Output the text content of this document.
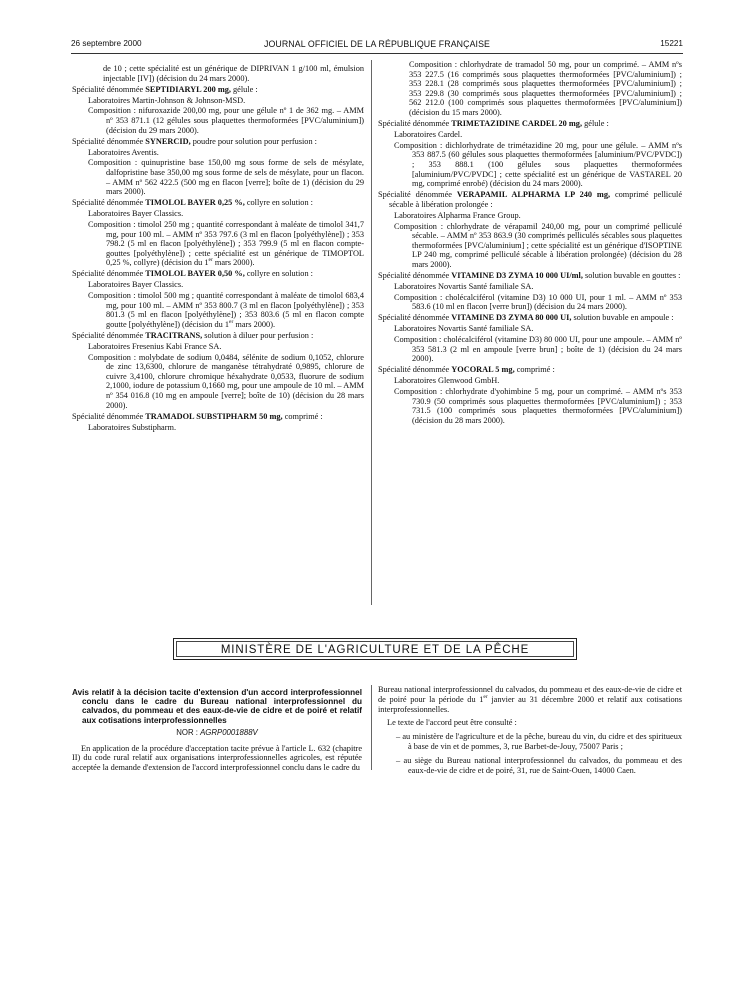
26 septembre 2000	JOURNAL OFFICIEL DE LA RÉPUBLIQUE FRANÇAISE	15221

de 10 ; cette spécialité est un générique de DIPRIVAN 1 g/100 ml, émulsion injectable [IV]) (décision du 24 mars 2000).

Spécialité dénommée SEPTIDIARYL 200 mg, gélule :

Laboratoires Martin-Johnson & Johnson-MSD.

Composition : nifuroxazide 200,00 mg, pour une gélule nº 1 de 362 mg. – AMM nº 353 871.1 (12 gélules sous plaquettes thermoformées [PVC/aluminium]) (décision du 29 mars 2000).

Spécialité dénommée SYNERCID, poudre pour solution pour perfusion :

Laboratoires Aventis.

Composition : quinupristine base 150,00 mg sous forme de sels de mésylate, dalfopristine base 350,00 mg sous forme de sels de mésylate, pour un flacon. – AMM nº 562 422.5 (500 mg en flacon [verre]; boîte de 1) (décision du 29 mars 2000).

Spécialité dénommée TIMOLOL BAYER 0,25 %, collyre en solution :

Laboratoires Bayer Classics.

Composition : timolol 250 mg ; quantité correspondant à maléate de timolol 341,7 mg, pour 100 ml. – AMM nº 353 797.6 (3 ml en flacon [polyéthylène]) ; 353 798.2 (5 ml en flacon [polyéthylène]) ; 353 799.9 (5 ml en flacon compte-gouttes [polyéthylène]) ; cette spécialité est un générique de TIMOPTOL 0,25 %, collyre) (décision du 1er mars 2000).

Spécialité dénommée TIMOLOL BAYER 0,50 %, collyre en solution :

Laboratoires Bayer Classics.

Composition : timolol 500 mg ; quantité correspondant à maléate de timolol 683,4 mg, pour 100 ml. – AMM nº 353 800.7 (3 ml en flacon [polyéthylène]) ; 353 801.3 (5 ml en flacon [polyéthylène]) ; 353 803.6 (5 ml en flacon compte goutte [polyéthylène]) (décision du 1er mars 2000).

Spécialité dénommée TRACITRANS, solution à diluer pour perfusion :

Laboratoires Fresenius Kabi France SA.

Composition : molybdate de sodium 0,0484, sélénite de sodium 0,1052, chlorure de zinc 13,6300, chlorure de manganèse tétrahydraté 0,9895, chlorure de cuivre 3,4100, chlorure chromique héxahydrate 0,0533, fluorure de sodium 2,1000, iodure de potassium 0,1660 mg, pour une ampoule de 10 ml. – AMM nº 354 016.8 (10 mg en ampoule [verre]; boîte de 10) (décision du 28 mars 2000).

Spécialité dénommée TRAMADOL SUBSTIPHARM 50 mg, comprimé :

Laboratoires Substipharm.

Composition : chlorhydrate de tramadol 50 mg, pour un comprimé. – AMM nºs 353 227.5 (16 comprimés sous plaquettes thermoformées [PVC/aluminium]) ; 353 228.1 (28 comprimés sous plaquettes thermoformées [PVC/aluminium]) ; 353 229.8 (30 comprimés sous plaquettes thermoformées [PVC/aluminium]) ; 562 212.0 (100 comprimés sous plaquettes thermoformées [PVC/aluminium]) (décision du 15 mars 2000).

Spécialité dénommée TRIMETAZIDINE CARDEL 20 mg, gélule :

Laboratoires Cardel.

Composition : dichlorhydrate de trimétazidine 20 mg, pour une gélule. – AMM nºs 353 887.5 (60 gélules sous plaquettes thermoformées [aluminium/PVC/PVDC]) ; 353 888.1 (100 gélules sous plaquettes thermoformées [aluminium/PVC/PVDC] ; cette spécialité est un générique de VASTAREL 20 mg, comprimé enrobé) (décision du 24 mars 2000).

Spécialité dénommée VERAPAMIL ALPHARMA LP 240 mg, comprimé pelliculé sécable à libération prolongée :

Laboratoires Alpharma France Group.

Composition : chlorhydrate de vérapamil 240,00 mg, pour un comprimé pelliculé sécable. – AMM nº 353 863.9 (30 comprimés pelliculés sécables sous plaquettes thermoformées [PVC/aluminium] ; cette spécialité est un générique d'ISOPTINE LP 240 mg, comprimé pelliculé sécable à libération prolongée) (décision du 28 mars 2000).

Spécialité dénommée VITAMINE D3 ZYMA 10 000 UI/ml, solution buvable en gouttes :

Laboratoires Novartis Santé familiale SA.

Composition : cholécalciférol (vitamine D3) 10 000 UI, pour 1 ml. – AMM nº 353 583.6 (10 ml en flacon [verre brun]) (décision du 24 mars 2000).

Spécialité dénommée VITAMINE D3 ZYMA 80 000 UI, solution buvable en ampoule :

Laboratoires Novartis Santé familiale SA.

Composition : cholécalciférol (vitamine D3) 80 000 UI, pour une ampoule. – AMM nº 353 581.3 (2 ml en ampoule [verre brun] ; boîte de 1) (décision du 24 mars 2000).

Spécialité dénommée YOCORAL 5 mg, comprimé :

Laboratoires Glenwood GmbH.

Composition : chlorhydrate d'yohimbine 5 mg, pour un comprimé. – AMM nºs 353 730.9 (50 comprimés sous plaquettes thermoformées [PVC/aluminium]) ; 353 731.5 (100 comprimés sous plaquettes thermoformées [PVC/aluminium]) (décision du 28 mars 2000).

MINISTÈRE DE L'AGRICULTURE ET DE LA PÊCHE

Avis relatif à la décision tacite d'extension d'un accord interprofessionnel conclu dans le cadre du Bureau national interprofessionnel du calvados, du pommeau et des eaux-de-vie de cidre et de poiré et relatif aux cotisations interprofessionnelles

NOR : AGRP0001888V

En application de la procédure d'acceptation tacite prévue à l'article L. 632 (chapitre II) du code rural relatif aux organisations interprofessionnelles agricoles, est réputée acceptée la demande d'extension de l'accord interprofessionnel conclu dans le cadre du

Bureau national interprofessionnel du calvados, du pommeau et des eaux-de-vie de cidre et de poiré pour la période du 1er janvier au 31 décembre 2000 et relatif aux cotisations interprofessionnelles.

Le texte de l'accord peut être consulté :

– au ministère de l'agriculture et de la pêche, bureau du vin, du cidre et des spiritueux à base de vin et de pommes, 3, rue Barbet-de-Jouy, 75007 Paris ;

– au siège du Bureau national interprofessionnel du calvados, du pommeau et des eaux-de-vie de cidre et de poiré, 31, rue de Saint-Ouen, 14000 Caen.
